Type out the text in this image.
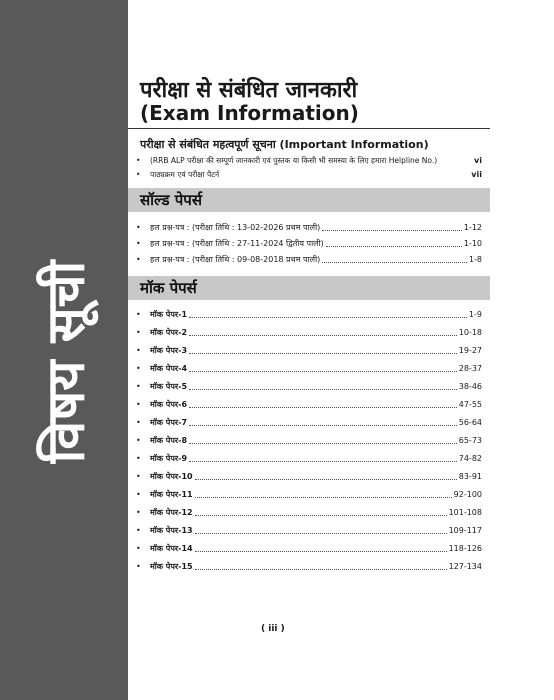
विषय सूची
परीक्षा से संबंधित जानकारी
(Exam Information)
परीक्षा से संबंधित महत्वपूर्ण सूचना (Important Information)
•	(RRB ALP परीक्षा की सम्पूर्ण जानकारी एवं पुस्तक या किसी भी समस्या के लिए हमारा Helpline No.)	vi
•	पाठ्यक्रम एवं परीक्षा पैटर्न	vii
सॉल्ड पेपर्स
•	हल प्रश्न-पत्र : (परीक्षा तिथि : 13-02-2026 प्रथम पाली)	1-12
•	हल प्रश्न-पत्र : (परीक्षा तिथि : 27-11-2024 द्वितीय पाली)	1-10
•	हल प्रश्न-पत्र : (परीक्षा तिथि : 09-08-2018 प्रथम पाली)	1-8
मॉक पेपर्स
•	मॉक पेपर-1	1-9
•	मॉक पेपर-2	10-18
•	मॉक पेपर-3	19-27
•	मॉक पेपर-4	28-37
•	मॉक पेपर-5	38-46
•	मॉक पेपर-6	47-55
•	मॉक पेपर-7	56-64
•	मॉक पेपर-8	65-73
•	मॉक पेपर-9	74-82
•	मॉक पेपर-10	83-91
•	मॉक पेपर-11	92-100
•	मॉक पेपर-12	101-108
•	मॉक पेपर-13	109-117
•	मॉक पेपर-14	118-126
•	मॉक पेपर-15	127-134
( iii )
